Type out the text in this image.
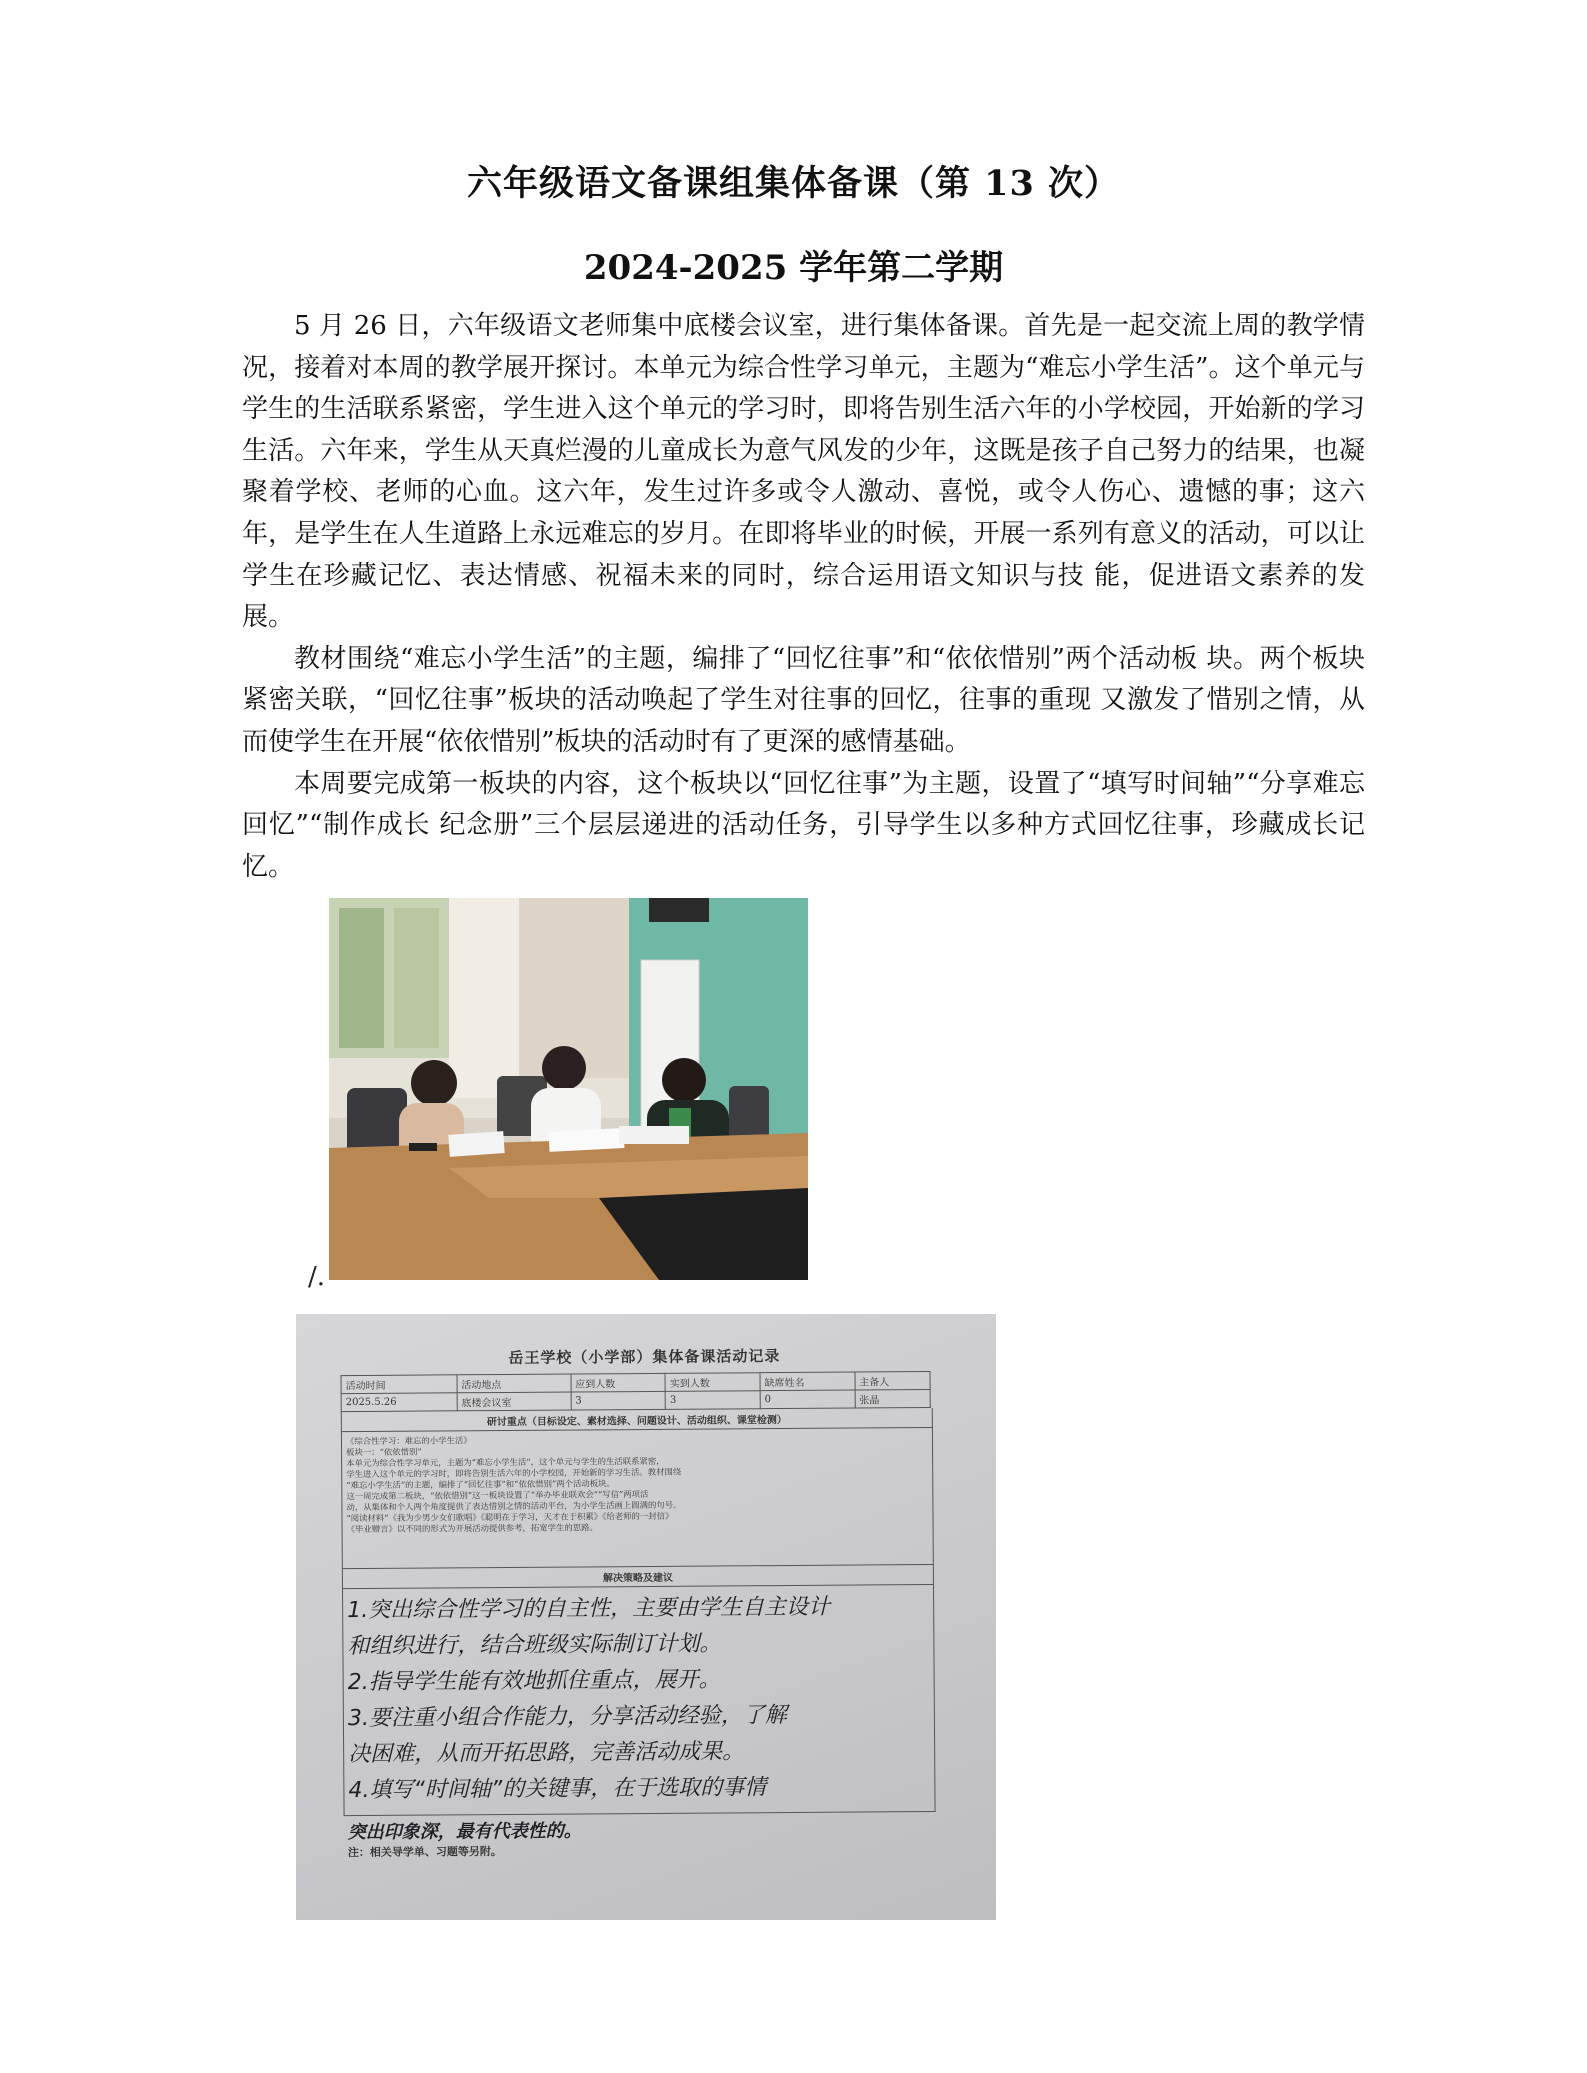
六年级语文备课组集体备课（第 13 次）
2024-2025 学年第二学期

5 月 26 日，六年级语文老师集中底楼会议室，进行集体备课。首先是一起交流上周的教学情况，接着对本周的教学展开探讨。本单元为综合性学习单元，主题为“难忘小学生活”。这个单元与学生的生活联系紧密，学生进入这个单元的学习时，即将告别生活六年的小学校园，开始新的学习生活。六年来，学生从天真烂漫的儿童成长为意气风发的少年，这既是孩子自己努力的结果，也凝 聚着学校、老师的心血。这六年，发生过许多或令人激动、喜悦，或令人伤心、遗憾的事；这六年，是学生在人生道路上永远难忘的岁月。在即将毕业的时候，开展一系列有意义的活动，可以让学生在珍藏记忆、表达情感、祝福未来的同时，综合运用语文知识与技 能，促进语文素养的发展。

教材围绕“难忘小学生活”的主题，编排了“回忆往事”和“依依惜别”两个活动板 块。两个板块紧密关联，“回忆往事”板块的活动唤起了学生对往事的回忆，往事的重现 又激发了惜别之情，从而使学生在开展“依依惜别”板块的活动时有了更深的感情基础。

本周要完成第一板块的内容，这个板块以“回忆往事”为主题，设置了“填写时间轴”“分享难忘回忆”“制作成长 纪念册”三个层层递进的活动任务，引导学生以多种方式回忆往事，珍藏成长记忆。

/.
岳王学校（小学部）集体备课活动记录
活动时间	活动地点	应到人数	实到人数	缺席姓名	主备人
2025.5.26	底楼会议室	3	3	0	张晶
研讨重点（目标设定、素材选择、问题设计、活动组织、课堂检测）
《综合性学习：难忘的小学生活》
板块一：“依依惜别”
本单元为综合性学习单元，主题为“难忘小学生活”，这个单元与学生的生活联系紧密，
学生进入这个单元的学习时，即将告别生活六年的小学校园，开始新的学习生活。教材围绕
“难忘小学生活”的主题，编排了“回忆往事”和“依依惜别”两个活动板块。
这一周完成第二板块，“依依惜别”这一板块设置了“举办毕业联欢会”“写信”两项活
动，从集体和个人两个角度提供了表达惜别之情的活动平台，为小学生活画上圆满的句号。
“阅读材料”《我为少男少女们歌唱》《聪明在于学习，天才在于积累》《给老师的一封信》
《毕业赠言》以不同的形式为开展活动提供参考，拓宽学生的思路。
解决策略及建议
1.突出综合性学习的自主性，主要由学生自主设计
和组织进行，结合班级实际制订计划。
2.指导学生能有效地抓住重点，展开。
3.要注重小组合作能力，分享活动经验，了解
决困难，从而开拓思路，完善活动成果。
4.填写“时间轴”的关键事，在于选取的事情
突出印象深，最有代表性的。
注：相关导学单、习题等另附。
